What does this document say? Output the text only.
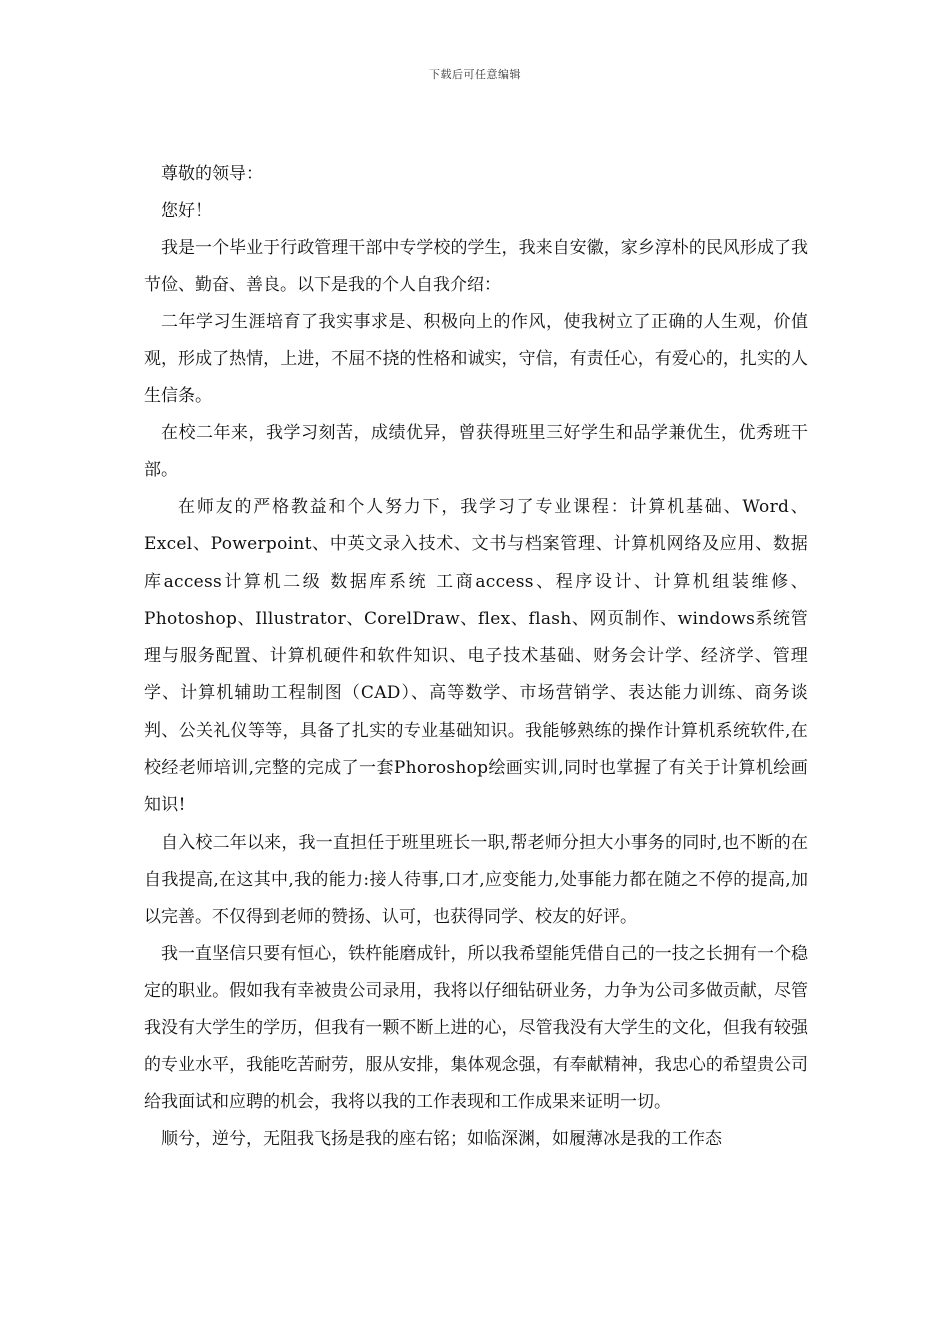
下载后可任意编辑

尊敬的领导：

您好！

我是一个毕业于行政管理干部中专学校的学生，我来自安徽，家乡淳朴的民风形成了我节俭、勤奋、善良。以下是我的个人自我介绍：

二年学习生涯培育了我实事求是、积极向上的作风，使我树立了正确的人生观，价值观，形成了热情，上进，不屈不挠的性格和诚实，守信，有责任心，有爱心的，扎实的人生信条。

在校二年来，我学习刻苦，成绩优异，曾获得班里三好学生和品学兼优生，优秀班干部。

在师友的严格教益和个人努力下，我学习了专业课程：计算机基础、Word、Excel、Powerpoint、中英文录入技术、文书与档案管理、计算机网络及应用、数据库access计算机二级 数据库系统 工商access、程序设计、计算机组装维修、Photoshop、Illustrator、CorelDraw、flex、flash、网页制作、windows系统管理与服务配置、计算机硬件和软件知识、电子技术基础、财务会计学、经济学、管理学、计算机辅助工程制图（CAD）、高等数学、市场营销学、表达能力训练、商务谈判、公关礼仪等等，具备了扎实的专业基础知识。我能够熟练的操作计算机系统软件,在校经老师培训,完整的完成了一套Phoroshop绘画实训,同时也掌握了有关于计算机绘画知识!

自入校二年以来，我一直担任于班里班长一职,帮老师分担大小事务的同时,也不断的在自我提高,在这其中,我的能力:接人待事,口才,应变能力,处事能力都在随之不停的提高,加以完善。不仅得到老师的赞扬、认可，也获得同学、校友的好评。

我一直坚信只要有恒心，铁杵能磨成针，所以我希望能凭借自己的一技之长拥有一个稳定的职业。假如我有幸被贵公司录用，我将以仔细钻研业务，力争为公司多做贡献，尽管我没有大学生的学历，但我有一颗不断上进的心，尽管我没有大学生的文化，但我有较强的专业水平，我能吃苦耐劳，服从安排，集体观念强，有奉献精神，我忠心的希望贵公司给我面试和应聘的机会，我将以我的工作表现和工作成果来证明一切。

顺兮，逆兮，无阻我飞扬是我的座右铭；如临深渊，如履薄冰是我的工作态
